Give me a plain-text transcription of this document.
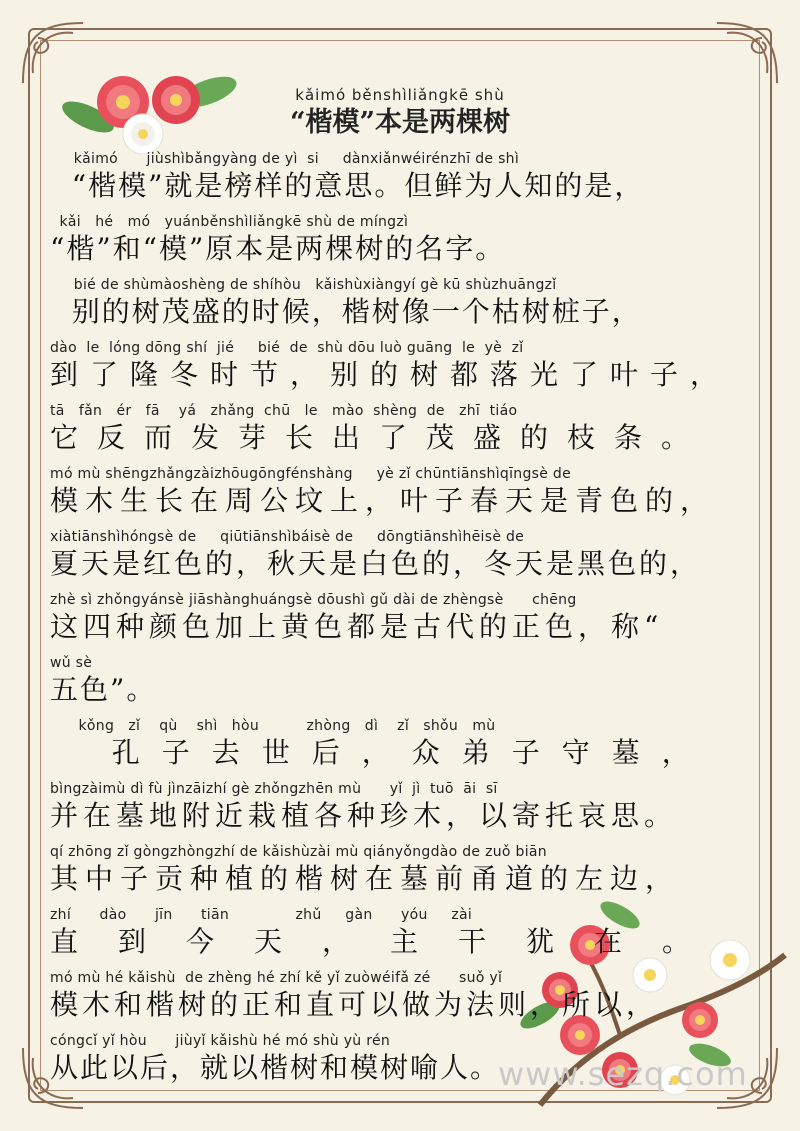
kǎimó běnshìliǎngkē shù
“楷模”本是两棵树
kǎimó      jiùshìbǎngyàng de yì  si     dànxiǎnwéirénzhī de shì
“楷模”就是榜样的意思。但鲜为人知的是，
kǎi   hé   mó   yuánběnshìliǎngkē shù de míngzì
“楷”和“模”原本是两棵树的名字。
bié de shùmàoshèng de shíhòu   kǎishùxiàngyí gè kū shùzhuāngzǐ
别的树茂盛的时候，楷树像一个枯树桩子，
dào  le  lóng dōng shí  jié     bié  de  shù dōu luò guāng  le  yè  zǐ
到了隆冬时节，别的树都落光了叶子，
tā   fǎn   ér   fā    yá   zhǎng  chū   le   mào  shèng  de   zhī  tiáo
它反而发芽长出了茂盛的枝条。
mó mù shēngzhǎngzàizhōugōngfénshàng     yè zǐ chūntiānshìqīngsè de
模木生长在周公坟上，叶子春天是青色的，
xiàtiānshìhóngsè de     qiūtiānshìbáisè de     dōngtiānshìhēisè de
夏天是红色的，秋天是白色的，冬天是黑色的，
zhè sì zhǒngyánsè jiāshànghuángsè dōushì gǔ dài de zhèngsè      chēng
这四种颜色加上黄色都是古代的正色，称“
wǔ sè
五色”。
kǒng   zǐ    qù    shì   hòu          zhòng   dì    zǐ   shǒu   mù
孔子去世后，众弟子守墓，
bìngzàimù dì fù jìnzāizhí gè zhǒngzhēn mù      yǐ  jì  tuō  āi  sī
并在墓地附近栽植各种珍木，以寄托哀思。
qí zhōng zǐ gòngzhòngzhí de kǎishùzài mù qiányǒngdào de zuǒ biān
其中子贡种植的楷树在墓前甬道的左边，
zhí      dào      jīn      tiān              zhǔ     gàn      yóu     zài
直到今天，主干犹在。
mó mù hé kǎishù  de zhèng hé zhí kě yǐ zuòwéifǎ zé      suǒ yǐ
模木和楷树的正和直可以做为法则，所以，
cóngcǐ yǐ hòu      jiùyǐ kǎishù hé mó shù yù rén
从此以后，就以楷树和模树喻人。
www.sezq.com
